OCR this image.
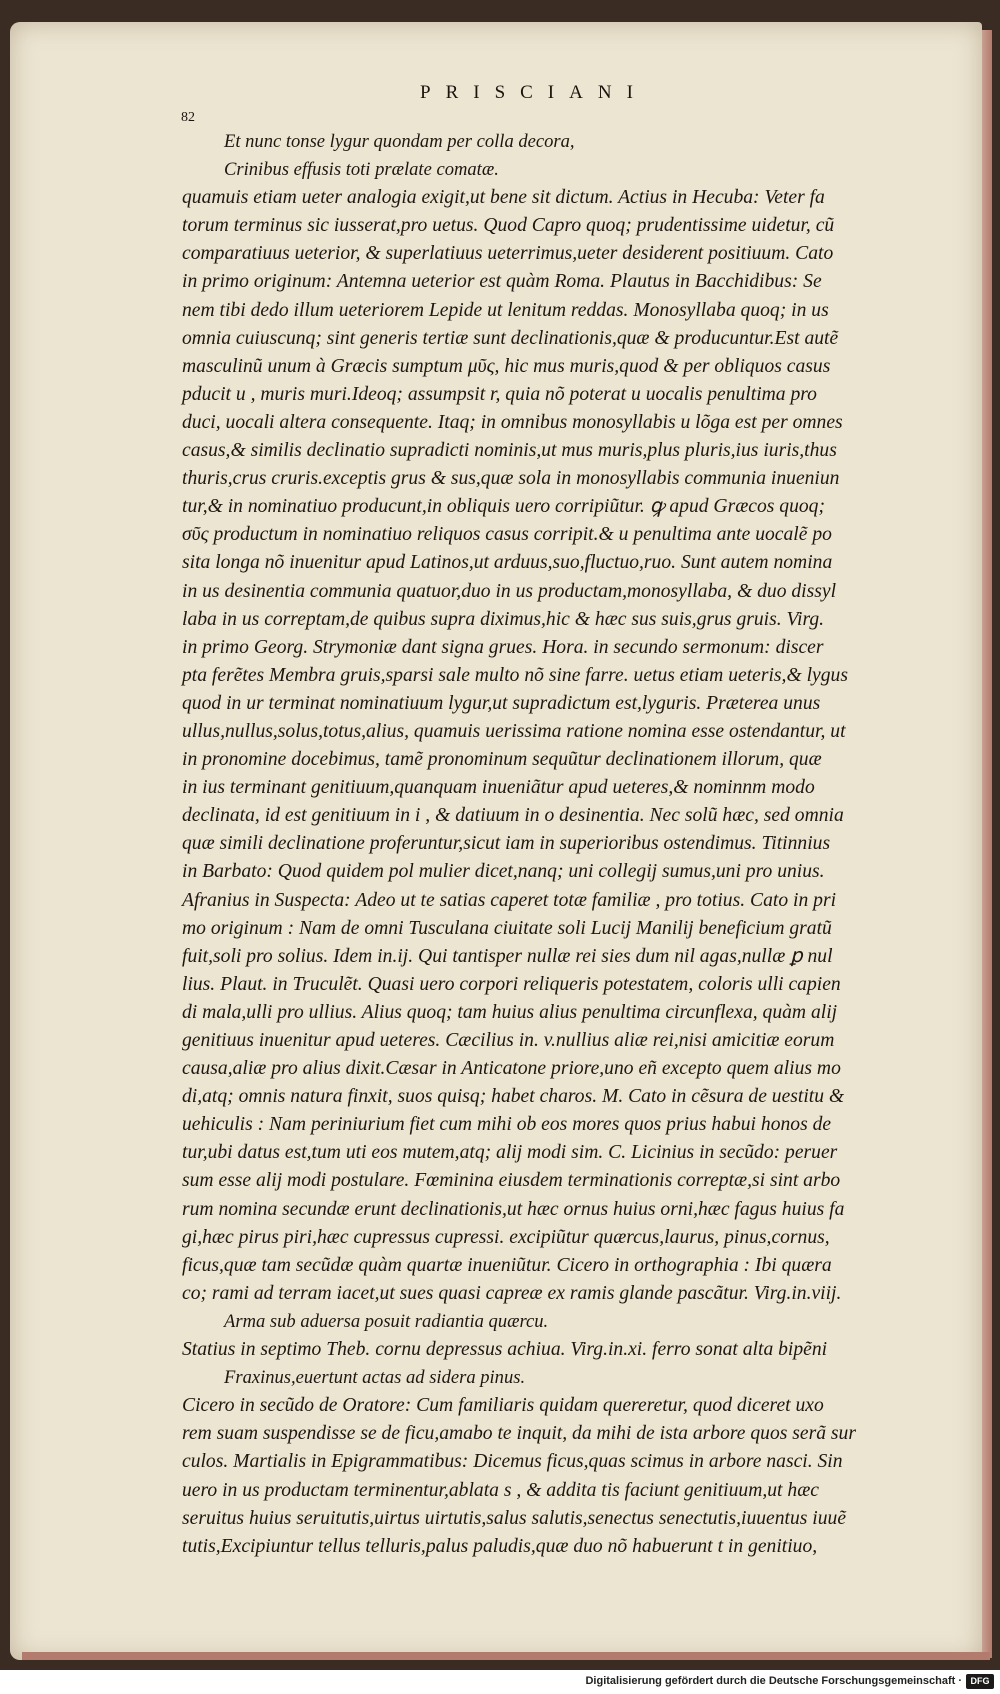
PRISCIANI
82
Et nunc tonse lygur quondam per colla decora,
Crinibus effusis toti prælate comatæ.
quamuis etiam ueter analogia exigit,ut bene sit dictum. Actius in Hecuba: Veter fa
torum terminus sic iusserat,pro uetus. Quod Capro quoq; prudentissime uidetur, cũ
comparatiuus ueterior, & superlatiuus ueterrimus,ueter desiderent positiuum. Cato
in primo originum: Antemna ueterior est quàm Roma. Plautus in Bacchidibus: Se
nem tibi dedo illum ueteriorem Lepide ut lenitum reddas. Monosyllaba quoq; in us
omnia cuiuscunq; sint generis tertiæ sunt declinationis,quæ & producuntur.Est autẽ
masculinũ unum à Græcis sumptum μῦς, hic mus muris,quod & per obliquos casus
pducit u , muris muri.Ideoq; assumpsit r, quia nõ poterat u uocalis penultima pro
duci, uocali altera consequente. Itaq; in omnibus monosyllabis u lõga est per omnes
casus,& similis declinatio supradicti nominis,ut mus muris,plus pluris,ius iuris,thus
thuris,crus cruris.exceptis grus & sus,quæ sola in monosyllabis communia inueniun
tur,& in nominatiuo producunt,in obliquis uero corripiũtur. ꝙ apud Græcos quoq;
σῦς productum in nominatiuo reliquos casus corripit.& u penultima ante uocalẽ po
sita longa nõ inuenitur apud Latinos,ut arduus,suo,fluctuo,ruo. Sunt autem nomina
in us desinentia communia quatuor,duo in us productam,monosyllaba, & duo dissyl
laba in us correptam,de quibus supra diximus,hic & hæc sus suis,grus gruis. Virg.
in primo Georg. Strymoniæ dant signa grues. Hora. in secundo sermonum: discer
pta ferẽtes Membra gruis,sparsi sale multo nõ sine farre. uetus etiam ueteris,& lygus
quod in ur terminat nominatiuum lygur,ut supradictum est,lyguris. Præterea unus
ullus,nullus,solus,totus,alius, quamuis uerissima ratione nomina esse ostendantur, ut
in pronomine docebimus, tamẽ pronominum sequũtur declinationem illorum, quæ
in ius terminant genitiuum,quanquam inueniãtur apud ueteres,& nominnm modo
declinata, id est genitiuum in i , & datiuum in o desinentia. Nec solũ hæc, sed omnia
quæ simili declinatione proferuntur,sicut iam in superioribus ostendimus. Titinnius
in Barbato: Quod quidem pol mulier dicet,nanq; uni collegij sumus,uni pro unius.
Afranius in Suspecta: Adeo ut te satias caperet totæ familiæ , pro totius. Cato in pri
mo originum : Nam de omni Tusculana ciuitate soli Lucij Manilij beneficium gratũ
fuit,soli pro solius. Idem in.ij. Qui tantisper nullæ rei sies dum nil agas,nullæ ꝑ nul
lius. Plaut. in Truculẽt. Quasi uero corpori reliqueris potestatem, coloris ulli capien
di mala,ulli pro ullius. Alius quoq; tam huius alius penultima circunflexa, quàm alij
genitiuus inuenitur apud ueteres. Cæcilius in. v.nullius aliæ rei,nisi amicitiæ eorum
causa,aliæ pro alius dixit.Cæsar in Anticatone priore,uno eñ excepto quem alius mo
di,atq; omnis natura finxit, suos quisq; habet charos. M. Cato in cẽsura de uestitu &
uehiculis : Nam periniurium fiet cum mihi ob eos mores quos prius habui honos de
tur,ubi datus est,tum uti eos mutem,atq; alij modi sim. C. Licinius in secũdo: peruer
sum esse alij modi postulare. Fœminina eiusdem terminationis correptæ,si sint arbo
rum nomina secundæ erunt declinationis,ut hæc ornus huius orni,hæc fagus huius fa
gi,hæc pirus piri,hæc cupressus cupressi. excipiũtur quærcus,laurus, pinus,cornus,
ficus,quæ tam secũdæ quàm quartæ inueniũtur. Cicero in orthographia : Ibi quæra
co; rami ad terram iacet,ut sues quasi capreæ ex ramis glande pascãtur. Virg.in.viij.
Arma sub aduersa posuit radiantia quærcu.
Statius in septimo Theb. cornu depressus achiua. Virg.in.xi. ferro sonat alta bipẽni
Fraxinus,euertunt actas ad sidera pinus.
Cicero in secũdo de Oratore: Cum familiaris quidam quereretur, quod diceret uxo
rem suam suspendisse se de ficu,amabo te inquit, da mihi de ista arbore quos serã sur
culos. Martialis in Epigrammatibus: Dicemus ficus,quas scimus in arbore nasci. Sin
uero in us productam terminentur,ablata s , & addita tis faciunt genitiuum,ut hæc
seruitus huius seruitutis,uirtus uirtutis,salus salutis,senectus senectutis,iuuentus iuuẽ
tutis,Excipiuntur tellus telluris,palus paludis,quæ duo nõ habuerunt t in genitiuo,
Digitalisierung gefördert durch die Deutsche Forschungsgemeinschaft · DFG
